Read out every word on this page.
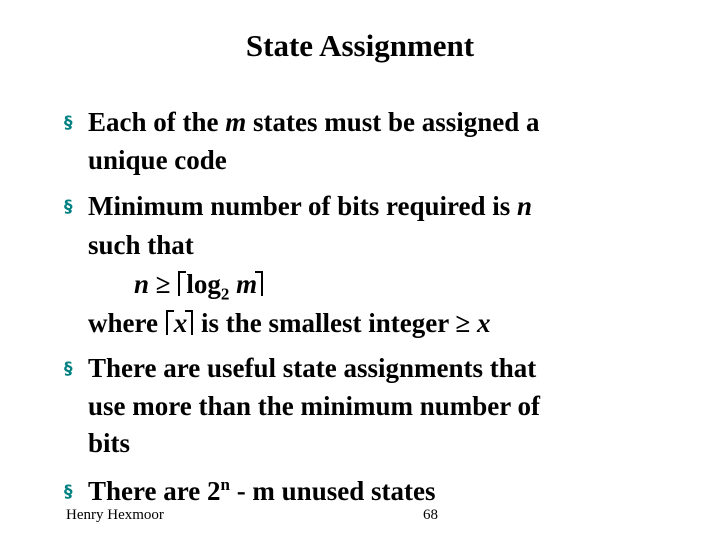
State Assignment
§ Each of the m states must be assigned a
unique code
§ Minimum number of bits required is n
such that
$n \ge \log_2 m$
where x is the smallest integer ≥ x
§ There are useful state assignments that
use more than the minimum number of
bits
§ There are 2$^n$ - m unused states
Henry Hexmoor	68
